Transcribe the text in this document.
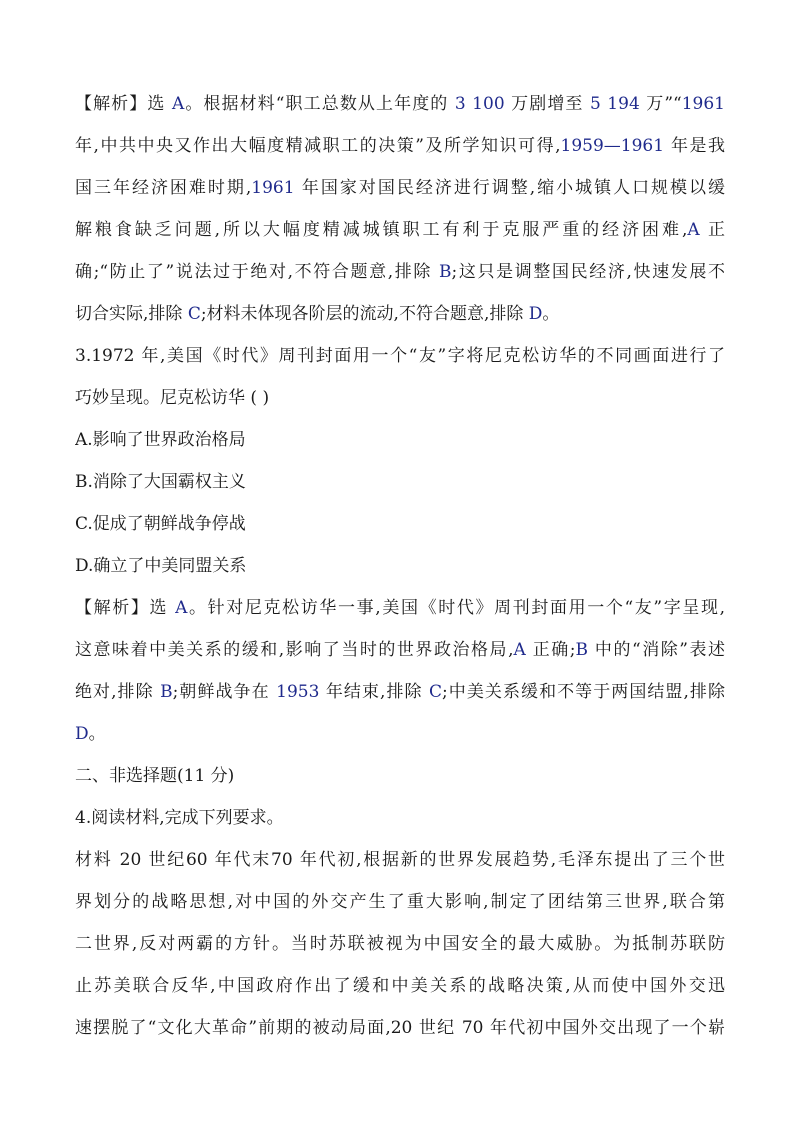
【解析】选 A。根据材料“职工总数从上年度的 3 100 万剧增至 5 194 万”“1961
年,中共中央又作出大幅度精减职工的决策”及所学知识可得,1959—1961 年是我
国三年经济困难时期,1961 年国家对国民经济进行调整,缩小城镇人口规模以缓
解粮食缺乏问题,所以大幅度精减城镇职工有利于克服严重的经济困难,A 正
确;“防止了”说法过于绝对,不符合题意,排除 B;这只是调整国民经济,快速发展不
切合实际,排除 C;材料未体现各阶层的流动,不符合题意,排除 D。
3.1972 年,美国《时代》周刊封面用一个“友”字将尼克松访华的不同画面进行了
巧妙呈现。尼克松访华 ( )
A.影响了世界政治格局
B.消除了大国霸权主义
C.促成了朝鲜战争停战
D.确立了中美同盟关系
【解析】选 A。针对尼克松访华一事,美国《时代》周刊封面用一个“友”字呈现,
这意味着中美关系的缓和,影响了当时的世界政治格局,A 正确;B 中的“消除”表述
绝对,排除 B;朝鲜战争在 1953 年结束,排除 C;中美关系缓和不等于两国结盟,排除
D。
二、非选择题(11 分)
4.阅读材料,完成下列要求。
材料 20 世纪60 年代末70 年代初,根据新的世界发展趋势,毛泽东提出了三个世
界划分的战略思想,对中国的外交产生了重大影响,制定了团结第三世界,联合第
二世界,反对两霸的方针。当时苏联被视为中国安全的最大威胁。为抵制苏联防
止苏美联合反华,中国政府作出了缓和中美关系的战略决策,从而使中国外交迅
速摆脱了“文化大革命”前期的被动局面,20 世纪 70 年代初中国外交出现了一个崭
